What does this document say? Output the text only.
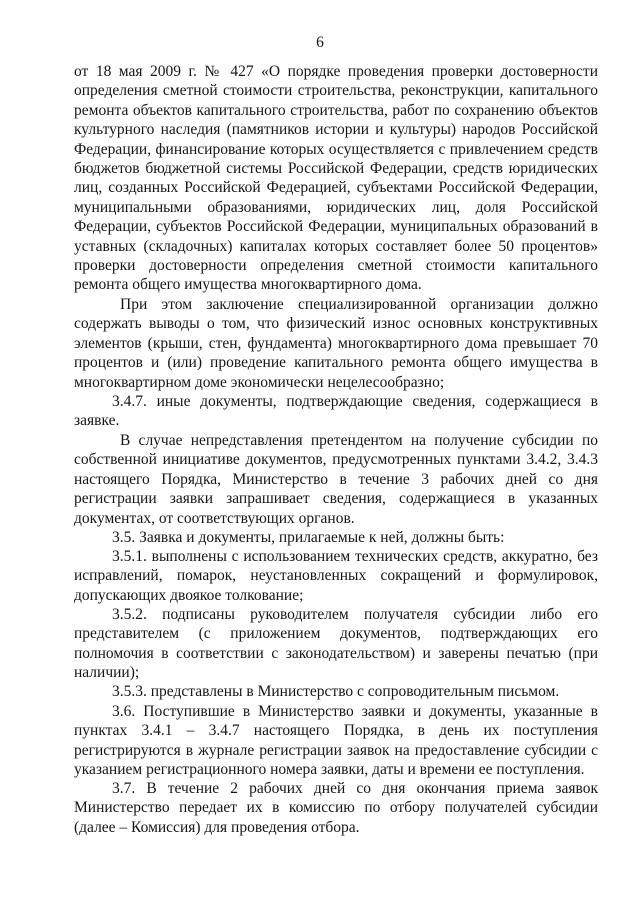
6
от 18 мая 2009 г. № 427 «О порядке проведения проверки достоверности определения сметной стоимости строительства, реконструкции, капитального ремонта объектов капитального строительства, работ по сохранению объектов культурного наследия (памятников истории и культуры) народов Российской Федерации, финансирование которых осуществляется с привлечением средств бюджетов бюджетной системы Российской Федерации, средств юридических лиц, созданных Российской Федерацией, субъектами Российской Федерации, муниципальными образованиями, юридических лиц, доля Российской Федерации, субъектов Российской Федерации, муниципальных образований в уставных (складочных) капиталах которых составляет более 50 процентов» проверки достоверности определения сметной стоимости капитального ремонта общего имущества многоквартирного дома.
При этом заключение специализированной организации должно содержать выводы о том, что физический износ основных конструктивных элементов (крыши, стен, фундамента) многоквартирного дома превышает 70 процентов и (или) проведение капитального ремонта общего имущества в многоквартирном доме экономически нецелесообразно;
3.4.7. иные документы, подтверждающие сведения, содержащиеся в заявке.
В случае непредставления претендентом на получение субсидии по собственной инициативе документов, предусмотренных пунктами 3.4.2, 3.4.3 настоящего Порядка, Министерство в течение 3 рабочих дней со дня регистрации заявки запрашивает сведения, содержащиеся в указанных документах, от соответствующих органов.
3.5. Заявка и документы, прилагаемые к ней, должны быть:
3.5.1. выполнены с использованием технических средств, аккуратно, без исправлений, помарок, неустановленных сокращений и формулировок, допускающих двоякое толкование;
3.5.2. подписаны руководителем получателя субсидии либо его представителем (с приложением документов, подтверждающих его полномочия в соответствии с законодательством) и заверены печатью (при наличии);
3.5.3. представлены в Министерство с сопроводительным письмом.
3.6. Поступившие в Министерство заявки и документы, указанные в пунктах 3.4.1 – 3.4.7 настоящего Порядка, в день их поступления регистрируются в журнале регистрации заявок на предоставление субсидии с указанием регистрационного номера заявки, даты и времени ее поступления.
3.7. В течение 2 рабочих дней со дня окончания приема заявок Министерство передает их в комиссию по отбору получателей субсидии (далее – Комиссия) для проведения отбора.
